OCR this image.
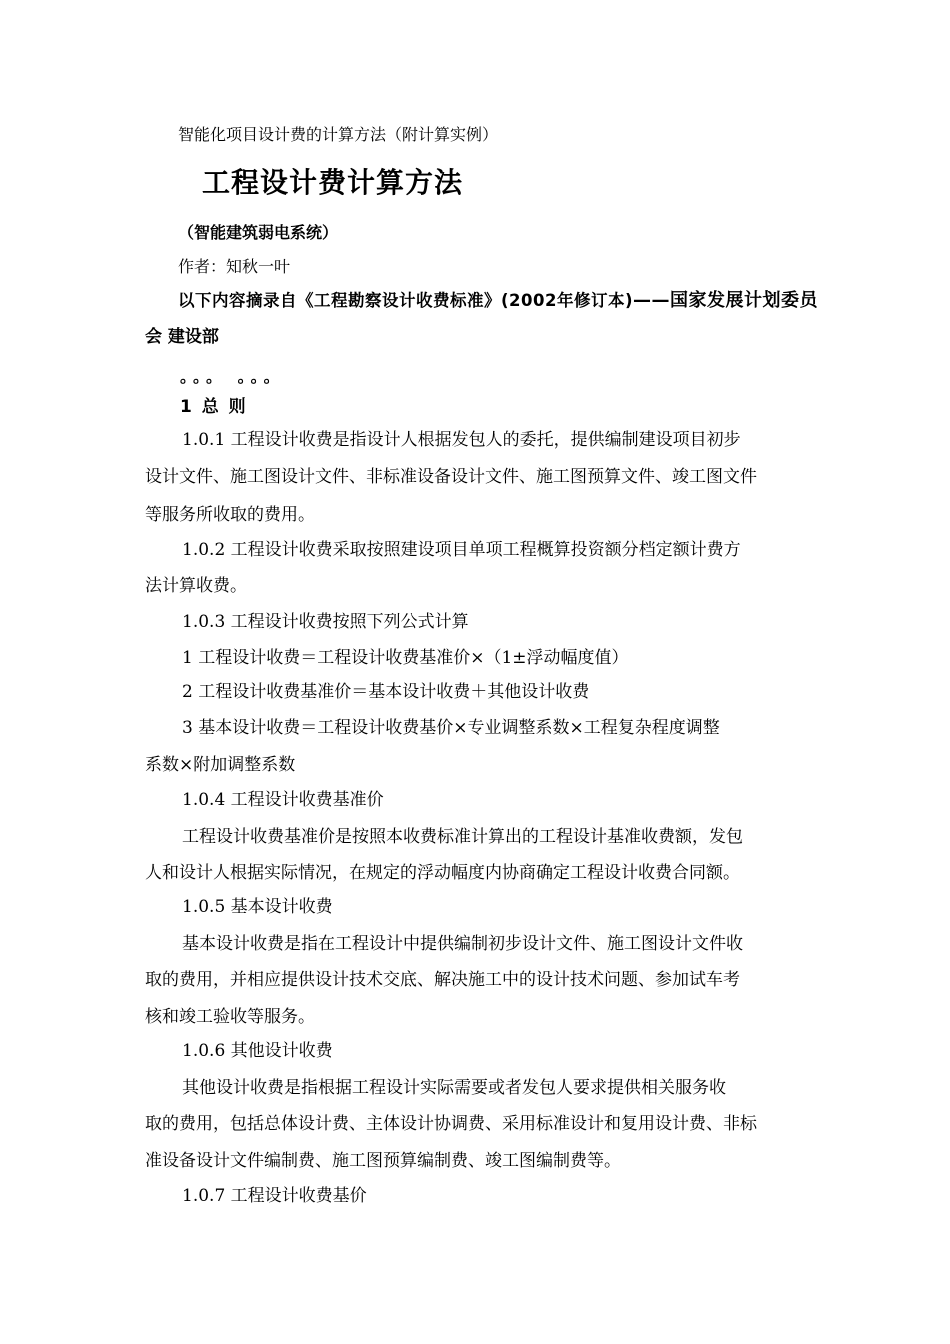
智能化项目设计费的计算方法（附计算实例）
工程设计费计算方法
（智能建筑弱电系统）
作者：知秋一叶
以下内容摘录自《工程勘察设计收费标准》(2002年修订本)——国家发展计划委员
会 建设部
。。。 。。。
1 总 则
1.0.1 工程设计收费是指设计人根据发包人的委托，提供编制建设项目初步
设计文件、施工图设计文件、非标准设备设计文件、施工图预算文件、竣工图文件
等服务所收取的费用。
1.0.2 工程设计收费采取按照建设项目单项工程概算投资额分档定额计费方
法计算收费。
1.0.3 工程设计收费按照下列公式计算
1 工程设计收费＝工程设计收费基准价×（1±浮动幅度值）
2 工程设计收费基准价＝基本设计收费＋其他设计收费
3 基本设计收费＝工程设计收费基价×专业调整系数×工程复杂程度调整
系数×附加调整系数
1.0.4 工程设计收费基准价
工程设计收费基准价是按照本收费标准计算出的工程设计基准收费额，发包
人和设计人根据实际情况，在规定的浮动幅度内协商确定工程设计收费合同额。
1.0.5 基本设计收费
基本设计收费是指在工程设计中提供编制初步设计文件、施工图设计文件收
取的费用，并相应提供设计技术交底、解决施工中的设计技术问题、参加试车考
核和竣工验收等服务。
1.0.6 其他设计收费
其他设计收费是指根据工程设计实际需要或者发包人要求提供相关服务收
取的费用，包括总体设计费、主体设计协调费、采用标准设计和复用设计费、非标
准设备设计文件编制费、施工图预算编制费、竣工图编制费等。
1.0.7 工程设计收费基价
